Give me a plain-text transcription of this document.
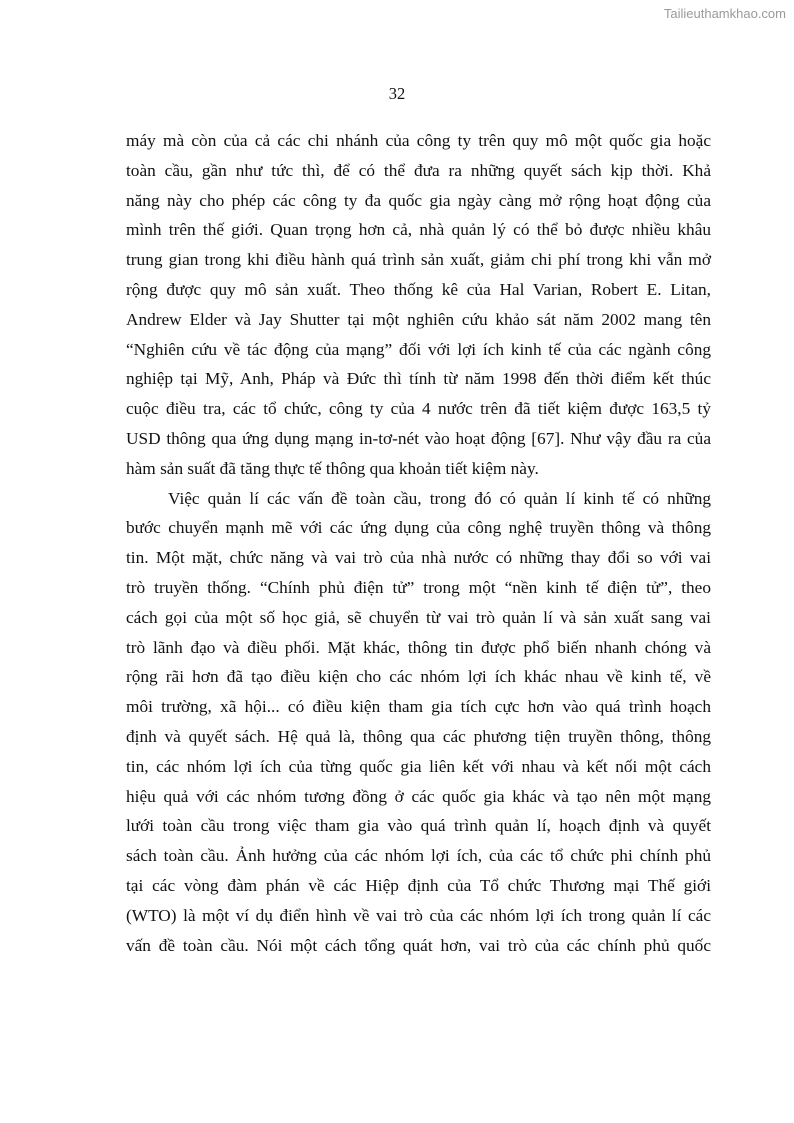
Tailieuthamkhao.com
32
máy mà còn của cả các chi nhánh của công ty trên quy mô một quốc gia hoặc
toàn cầu, gần như tức thì, để có thể đưa ra những quyết sách kịp thời. Khả
năng này cho phép các công ty đa quốc gia ngày càng mở rộng hoạt động của
mình trên thế giới. Quan trọng hơn cả, nhà quản lý có thể bỏ được nhiều khâu
trung gian trong khi điều hành quá trình sản xuất, giảm chi phí trong khi vẫn mở
rộng được quy mô sản xuất. Theo thống kê của Hal Varian, Robert E. Litan,
Andrew Elder và Jay Shutter tại một nghiên cứu khảo sát năm 2002 mang tên
“Nghiên cứu về tác động của mạng” đối với lợi ích kinh tế của các ngành công
nghiệp tại Mỹ, Anh, Pháp và Đức thì tính từ năm 1998 đến thời điểm kết thúc
cuộc điều tra, các tổ chức, công ty của 4 nước trên đã tiết kiệm được 163,5 tỷ
USD thông qua ứng dụng mạng in-tơ-nét vào hoạt động [67]. Như vậy đầu ra của
hàm sản suất đã tăng thực tế thông qua khoản tiết kiệm này.
Việc quản lí các vấn đề toàn cầu, trong đó có quản lí kinh tế có những
bước chuyển mạnh mẽ với các ứng dụng của công nghệ truyền thông và thông
tin. Một mặt, chức năng và vai trò của nhà nước có những thay đổi so với vai
trò truyền thống. “Chính phủ điện tử” trong một “nền kinh tế điện tử”, theo
cách gọi của một số học giả, sẽ chuyển từ vai trò quản lí và sản xuất sang vai
trò lãnh đạo và điều phối. Mặt khác, thông tin được phổ biến nhanh chóng và
rộng rãi hơn đã tạo điều kiện cho các nhóm lợi ích khác nhau về kinh tế, về
môi trường, xã hội... có điều kiện tham gia tích cực hơn vào quá trình hoạch
định và quyết sách. Hệ quả là, thông qua các phương tiện truyền thông, thông
tin, các nhóm lợi ích của từng quốc gia liên kết với nhau và kết nối một cách
hiệu quả với các nhóm tương đồng ở các quốc gia khác và tạo nên một mạng
lưới toàn cầu trong việc tham gia vào quá trình quản lí, hoạch định và quyết
sách toàn cầu. Ảnh hưởng của các nhóm lợi ích, của các tổ chức phi chính phủ
tại các vòng đàm phán về các Hiệp định của Tổ chức Thương mại Thế giới
(WTO) là một ví dụ điển hình về vai trò của các nhóm lợi ích trong quản lí các
vấn đề toàn cầu. Nói một cách tổng quát hơn, vai trò của các chính phủ quốc
